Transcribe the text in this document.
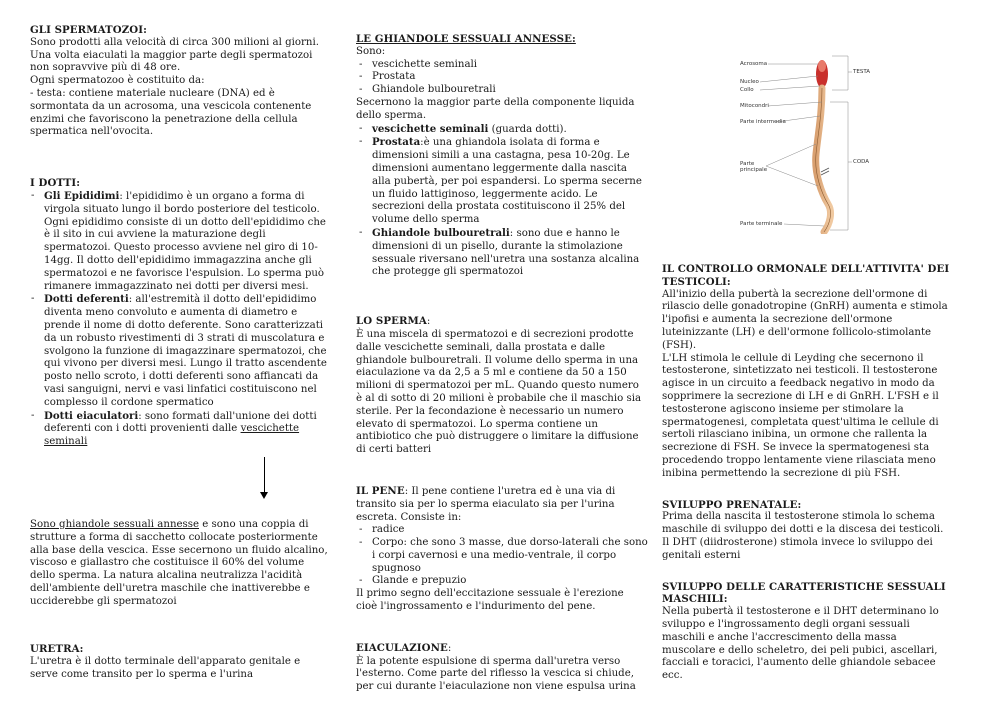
GLI SPERMATOZOI:

Sono prodotti alla velocità di circa 300 milioni al giorni.

Una volta eiaculati la maggior parte degli spermatozoi

non sopravvive più di 48 ore.

Ogni spermatozoo è costituito da:

- testa: contiene materiale nucleare (DNA) ed è

sormontata da un acrosoma, una vescicola contenente

enzimi che favoriscono la penetrazione della cellula

spermatica nell'ovocita.

I DOTTI:

- Gli Epididimi: l'epididimo è un organo a forma di virgola situato lungo il bordo posteriore del testicolo. Ogni epididimo consiste di un dotto dell'epididimo che è il sito in cui avviene la maturazione degli spermatozoi. Questo processo avviene nel giro di 10-14gg. Il dotto dell'epididimo immagazzina anche gli spermatozoi e ne favorisce l'espulsion. Lo sperma può rimanere immagazzinato nei dotti per diversi mesi.
- Dotti deferenti: all'estremità il dotto dell'epididimo diventa meno convoluto e aumenta di diametro e prende il nome di dotto deferente. Sono caratterizzati da un robusto rivestimenti di 3 strati di muscolatura e svolgono la funzione di imagazzinare spermatozoi, che qui vivono per diversi mesi. Lungo il tratto ascendente posto nello scroto, i dotti deferenti sono affiancati da vasi sanguigni, nervi e vasi linfatici costituiscono nel complesso il cordone spermatico
- Dotti eiaculatori: sono formati dall'unione dei dotti deferenti con i dotti provenienti dalle vescichette seminali

Sono ghiandole sessuali annesse e sono una coppia di strutture a forma di sacchetto collocate posteriormente alla base della vescica. Esse secernono un fluido alcalino, viscoso e giallastro che costituisce il 60% del volume dello sperma. La natura alcalina neutralizza l'acidità dell'ambiente dell'uretra maschile che inattiverebbe e ucciderebbe gli spermatozoi

URETRA:

L'uretra è il dotto terminale dell'apparato genitale e serve come transito per lo sperma e l'urina

LE GHIANDOLE SESSUALI ANNESSE:

Sono:

- vescichette seminali
- Prostata
- Ghiandole bulbouretrali

Secernono la maggior parte della componente liquida dello sperma.

- vescichette seminali (guarda dotti).
- Prostata:è una ghiandola isolata di forma e dimensioni simili a una castagna, pesa 10-20g. Le dimensioni aumentano leggermente dalla nascita alla pubertà, per poi espandersi. Lo sperma secerne un fluido lattiginoso, leggermente acido. Le secrezioni della prostata costituiscono il 25% del volume dello sperma
- Ghiandole bulbouretrali: sono due e hanno le dimensioni di un pisello, durante la stimolazione sessuale riversano nell'uretra una sostanza alcalina che protegge gli spermatozoi

LO SPERMA:

È una miscela di spermatozoi e di secrezioni prodotte dalle vescichette seminali, dalla prostata e dalle ghiandole bulbouretrali. Il volume dello sperma in una eiaculazione va da 2,5 a 5 ml e contiene da 50 a 150 milioni di spermatozoi per mL. Quando questo numero è al di sotto di 20 milioni è probabile che il maschio sia sterile. Per la fecondazione è necessario un numero elevato di spermatozoi. Lo sperma contiene un antibiotico che può distruggere o limitare la diffusione di certi batteri

IL PENE: Il pene contiene l'uretra ed è una via di transito sia per lo sperma eiaculato sia per l'urina escreta. Consiste in:

- radice
- Corpo: che sono 3 masse, due dorso-laterali che sono i corpi cavernosi e una medio-ventrale, il corpo spugnoso
- Glande e prepuzio

Il primo segno dell'eccitazione sessuale è l'erezione cioè l'ingrossamento e l'indurimento del pene.

EIACULAZIONE:

È la potente espulsione di sperma dall'uretra verso l'esterno. Come parte del riflesso la vescica si chiude, per cui durante l'eiaculazione non viene espulsa urina

Acrosoma
Nucleo
Collo
Mitocondri
Parte intermedia
Parte
principale
Parte terminale
TESTA
CODA

IL CONTROLLO ORMONALE DELL'ATTIVITA' DEI TESTICOLI:

All'inizio della pubertà la secrezione dell'ormone di rilascio delle gonadotropine (GnRH) aumenta e stimola l'ipofisi e aumenta la secrezione dell'ormone luteinizzante (LH) e dell'ormone follicolo-stimolante (FSH).

L'LH stimola le cellule di Leyding che secernono il testosterone, sintetizzato nei testicoli. Il testosterone agisce in un circuito a feedback negativo in modo da sopprimere la secrezione di LH e di GnRH. L'FSH e il testosterone agiscono insieme per stimolare la spermatogenesi, completata quest'ultima le cellule di sertoli rilasciano inibina, un ormone che rallenta la secrezione di FSH. Se invece la spermatogenesi sta procedendo troppo lentamente viene rilasciata meno inibina permettendo la secrezione di più FSH.

SVILUPPO PRENATALE:

Prima della nascita il testosterone stimola lo schema maschile di sviluppo dei dotti e la discesa dei testicoli. Il DHT (diidrosterone) stimola invece lo sviluppo dei genitali esterni

SVILUPPO DELLE CARATTERISTICHE SESSUALI MASCHILI:

Nella pubertà il testosterone e il DHT determinano lo sviluppo e l'ingrossamento degli organi sessuali maschili e anche l'accrescimento della massa muscolare e dello scheletro, dei peli pubici, ascellari, facciali e toracici, l'aumento delle ghiandole sebacee ecc.
